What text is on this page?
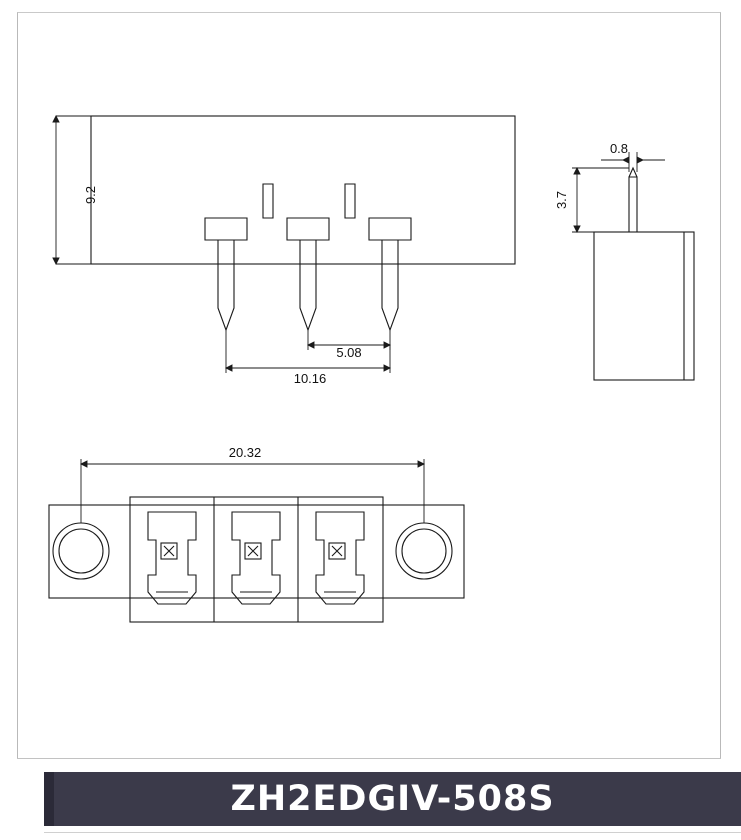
9.2
5.08
10.16
0.8
3.7
20.32
ZH2EDGIV-508S
